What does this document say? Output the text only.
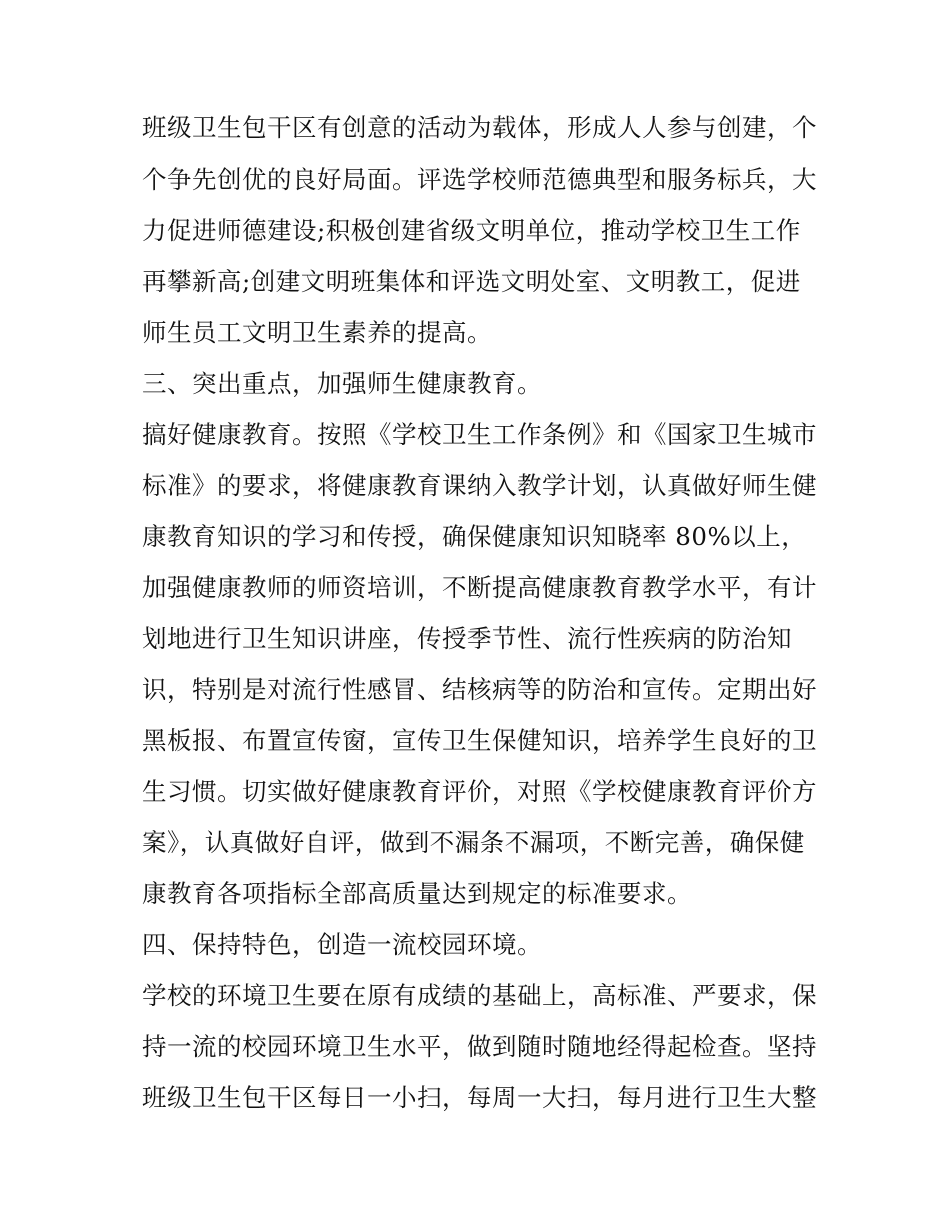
班级卫生包干区有创意的活动为载体，形成人人参与创建，个
个争先创优的良好局面。评选学校师范德典型和服务标兵，大
力促进师德建设;积极创建省级文明单位，推动学校卫生工作
再攀新高;创建文明班集体和评选文明处室、文明教工，促进
师生员工文明卫生素养的提高。
三、突出重点，加强师生健康教育。
搞好健康教育。按照《学校卫生工作条例》和《国家卫生城市
标准》的要求，将健康教育课纳入教学计划，认真做好师生健
康教育知识的学习和传授，确保健康知识知晓率 80%以上，
加强健康教师的师资培训，不断提高健康教育教学水平，有计
划地进行卫生知识讲座，传授季节性、流行性疾病的防治知
识，特别是对流行性感冒、结核病等的防治和宣传。定期出好
黑板报、布置宣传窗，宣传卫生保健知识，培养学生良好的卫
生习惯。切实做好健康教育评价，对照《学校健康教育评价方
案》，认真做好自评，做到不漏条不漏项，不断完善，确保健
康教育各项指标全部高质量达到规定的标准要求。
四、保持特色，创造一流校园环境。
学校的环境卫生要在原有成绩的基础上，高标准、严要求，保
持一流的校园环境卫生水平，做到随时随地经得起检查。坚持
班级卫生包干区每日一小扫，每周一大扫，每月进行卫生大整
